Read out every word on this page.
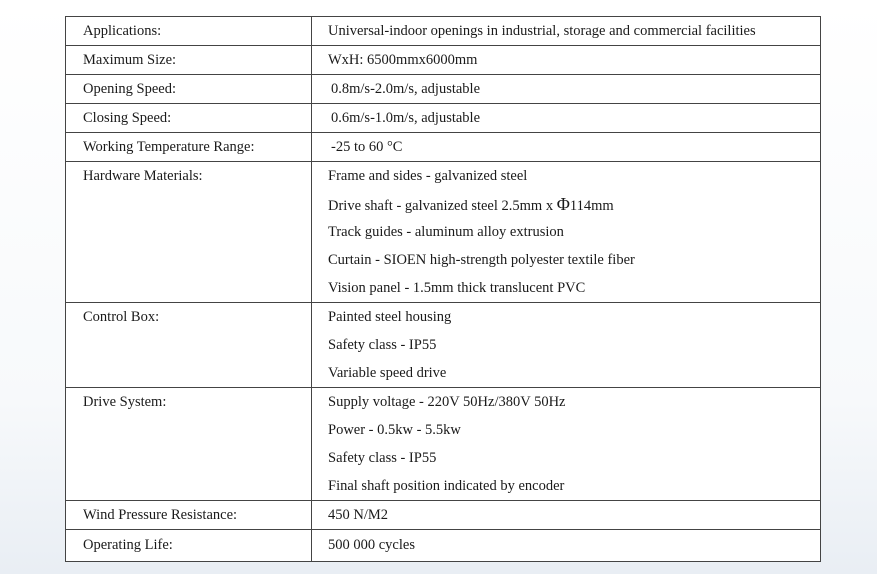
Applications:	Universal-indoor openings in industrial, storage and commercial facilities

Maximum Size:	WxH: 6500mmx6000mm

Opening Speed:	0.8m/s-2.0m/s, adjustable

Closing Speed:	0.6m/s-1.0m/s, adjustable

Working Temperature Range:	-25 to 60 °C

Hardware Materials:	Frame and sides - galvanized steel
Drive shaft - galvanized steel 2.5mm x Φ114mm
Track guides - aluminum alloy extrusion
Curtain - SIOEN high-strength polyester textile fiber
Vision panel - 1.5mm thick translucent PVC

Control Box:	Painted steel housing
Safety class - IP55
Variable speed drive

Drive System:	Supply voltage - 220V 50Hz/380V 50Hz
Power - 0.5kw - 5.5kw
Safety class - IP55
Final shaft position indicated by encoder

Wind Pressure Resistance:	450 N/M2

Operating Life:	500 000 cycles
